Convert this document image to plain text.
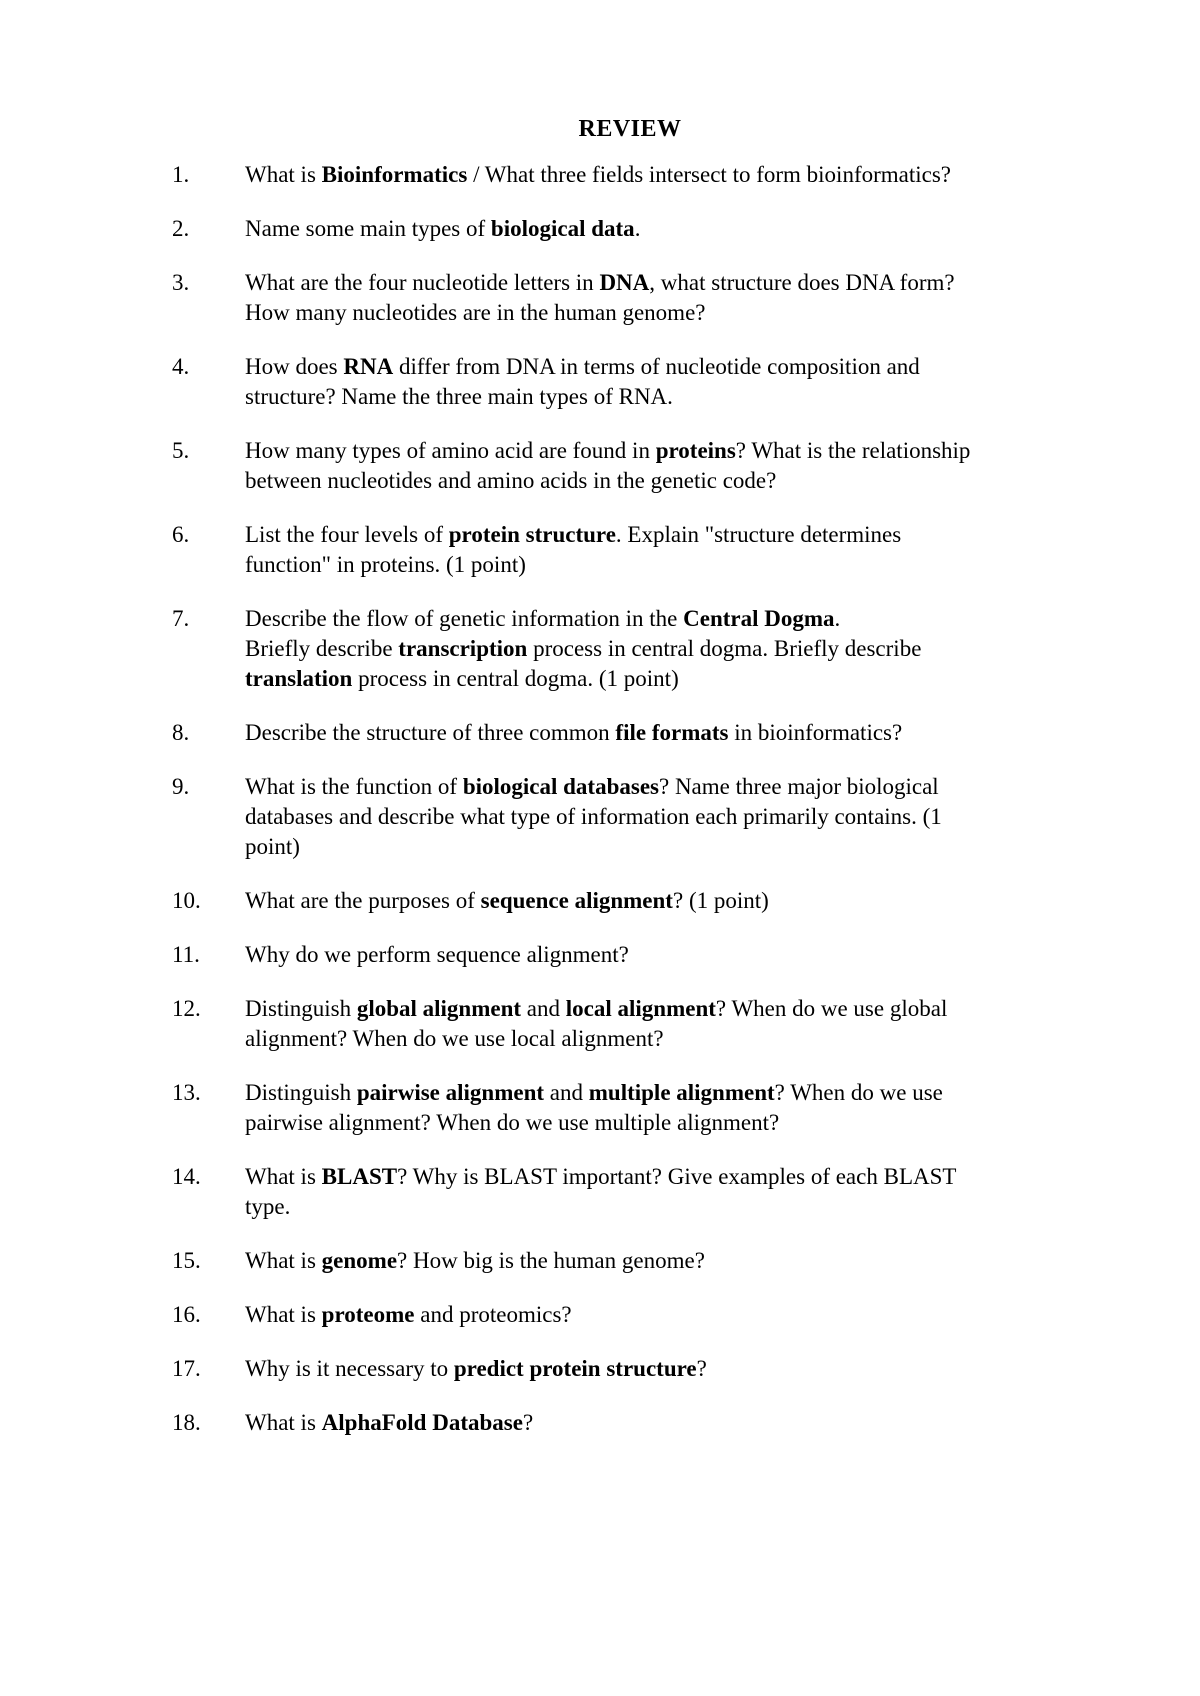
REVIEW
1.	What is Bioinformatics / What three fields intersect to form bioinformatics?
2.	Name some main types of biological data.
3.	What are the four nucleotide letters in DNA, what structure does DNA form?
How many nucleotides are in the human genome?
4.	How does RNA differ from DNA in terms of nucleotide composition and
structure? Name the three main types of RNA.
5.	How many types of amino acid are found in proteins? What is the relationship
between nucleotides and amino acids in the genetic code?
6.	List the four levels of protein structure. Explain "structure determines
function" in proteins. (1 point)
7.	Describe the flow of genetic information in the Central Dogma.
Briefly describe transcription process in central dogma. Briefly describe
translation process in central dogma. (1 point)
8.	Describe the structure of three common file formats in bioinformatics?
9.	What is the function of biological databases? Name three major biological
databases and describe what type of information each primarily contains. (1
point)
10.	What are the purposes of sequence alignment? (1 point)
11.	Why do we perform sequence alignment?
12.	Distinguish global alignment and local alignment? When do we use global
alignment? When do we use local alignment?
13.	Distinguish pairwise alignment and multiple alignment? When do we use
pairwise alignment? When do we use multiple alignment?
14.	What is BLAST? Why is BLAST important? Give examples of each BLAST
type.
15.	What is genome? How big is the human genome?
16.	What is proteome and proteomics?
17.	Why is it necessary to predict protein structure?
18.	What is AlphaFold Database?
